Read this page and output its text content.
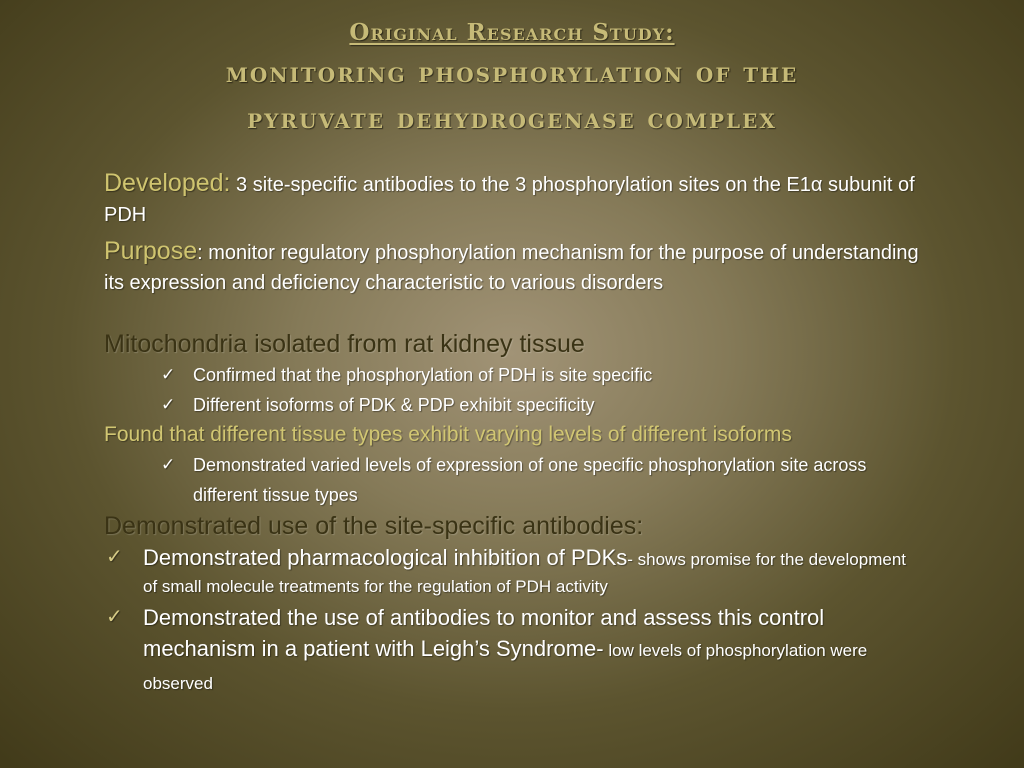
Original Research Study:
monitoring phosphorylation of the
pyruvate dehydrogenase complex
Developed: 3 site-specific antibodies to the 3 phosphorylation sites on the E1α subunit of PDH
Purpose: monitor regulatory phosphorylation mechanism for the purpose of understanding its expression and deficiency characteristic to various disorders
Mitochondria isolated from rat kidney tissue
✓ Confirmed that the phosphorylation of PDH is site specific
✓ Different isoforms of PDK & PDP exhibit specificity
Found that different tissue types exhibit varying levels of different isoforms
✓ Demonstrated varied levels of expression of one specific phosphorylation site across different tissue types
Demonstrated use of the site-specific antibodies:
✓ Demonstrated pharmacological inhibition of PDKs- shows promise for the development of small molecule treatments for the regulation of PDH activity
✓ Demonstrated the use of antibodies to monitor and assess this control mechanism in a patient with Leigh’s Syndrome- low levels of phosphorylation were observed
